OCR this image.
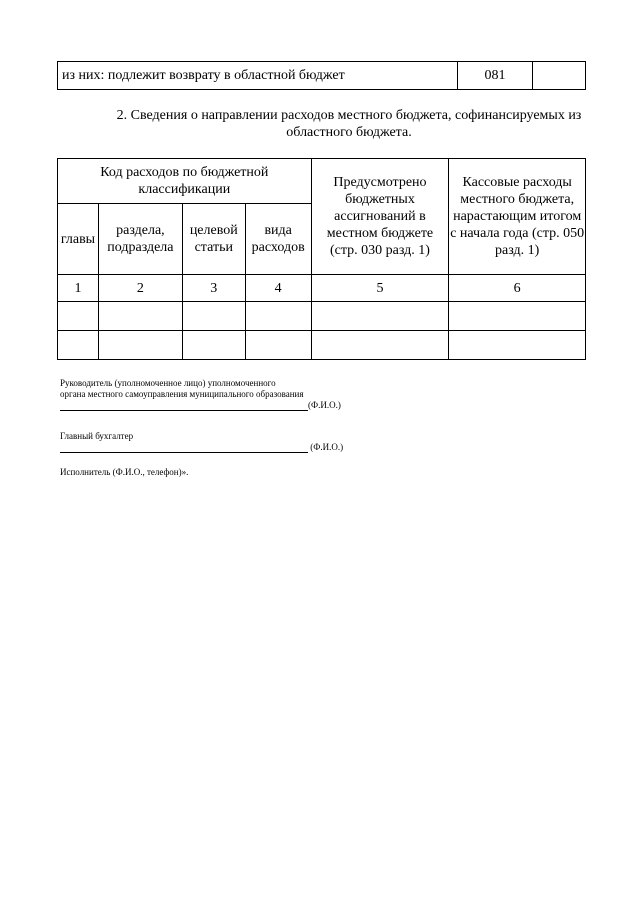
из них: подлежит возврату в областной бюджет	081	
2. Сведения о направлении расходов местного бюджета, софинансируемых из областного бюджета.
Код расходов по бюджетной классификации				Предусмотрено бюджетных ассигнований в местном бюджете (стр. 030 разд. 1)	Кассовые расходы местного бюджета, нарастающим итогом с начала года (стр. 050 разд. 1)
главы	раздела, подраздела	целевой статьи	вида расходов		
1	2	3	4	5	6

Руководитель (уполномоченное лицо) уполномоченного
органа местного самоуправления муниципального образования
(Ф.И.О.)
Главный бухгалтер
(Ф.И.О.)
Исполнитель (Ф.И.О., телефон)».
